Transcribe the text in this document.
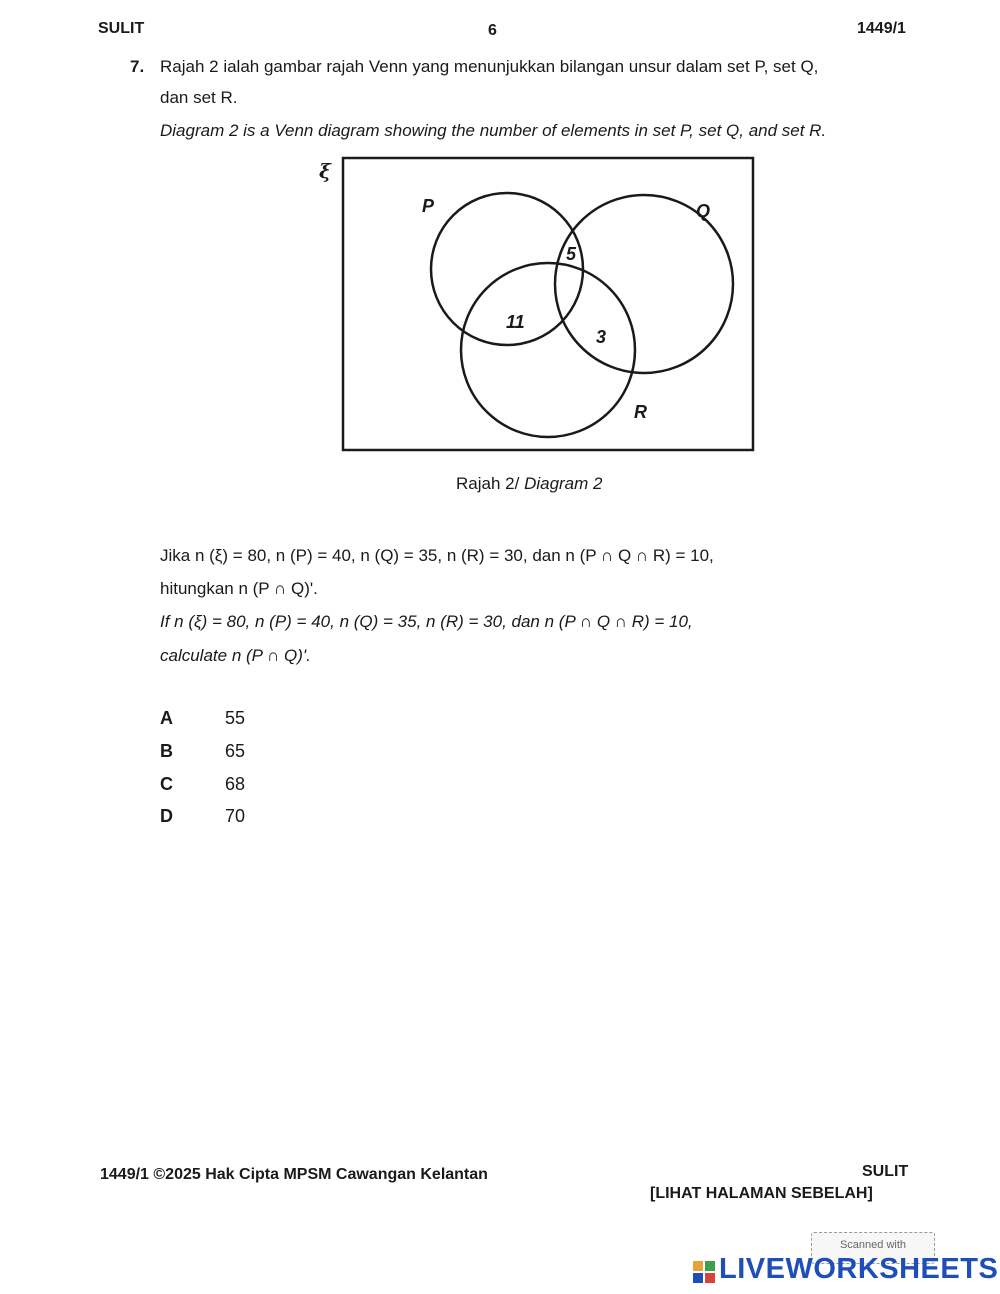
SULIT	6	1449/1
7. Rajah 2 ialah gambar rajah Venn yang menunjukkan bilangan unsur dalam set P, set Q,
dan set R.
Diagram 2 is a Venn diagram showing the number of elements in set P, set Q, and set R.
ξ
P	Q
R
5
11
3
Rajah 2/ Diagram 2
Jika n (ξ) = 80, n (P) = 40, n (Q) = 35, n (R) = 30, dan n (P ∩ Q ∩ R) = 10,
hitungkan n (P ∩ Q)'.
If n (ξ) = 80, n (P) = 40, n (Q) = 35, n (R) = 30, dan n (P ∩ Q ∩ R) = 10,
calculate n (P ∩ Q)'.
A	55
B	65
C	68
D	70
1449/1 ©2025 Hak Cipta MPSM Cawangan Kelantan	SULIT
[LIHAT HALAMAN SEBELAH]
Scanned with
LIVEWORKSHEETS
